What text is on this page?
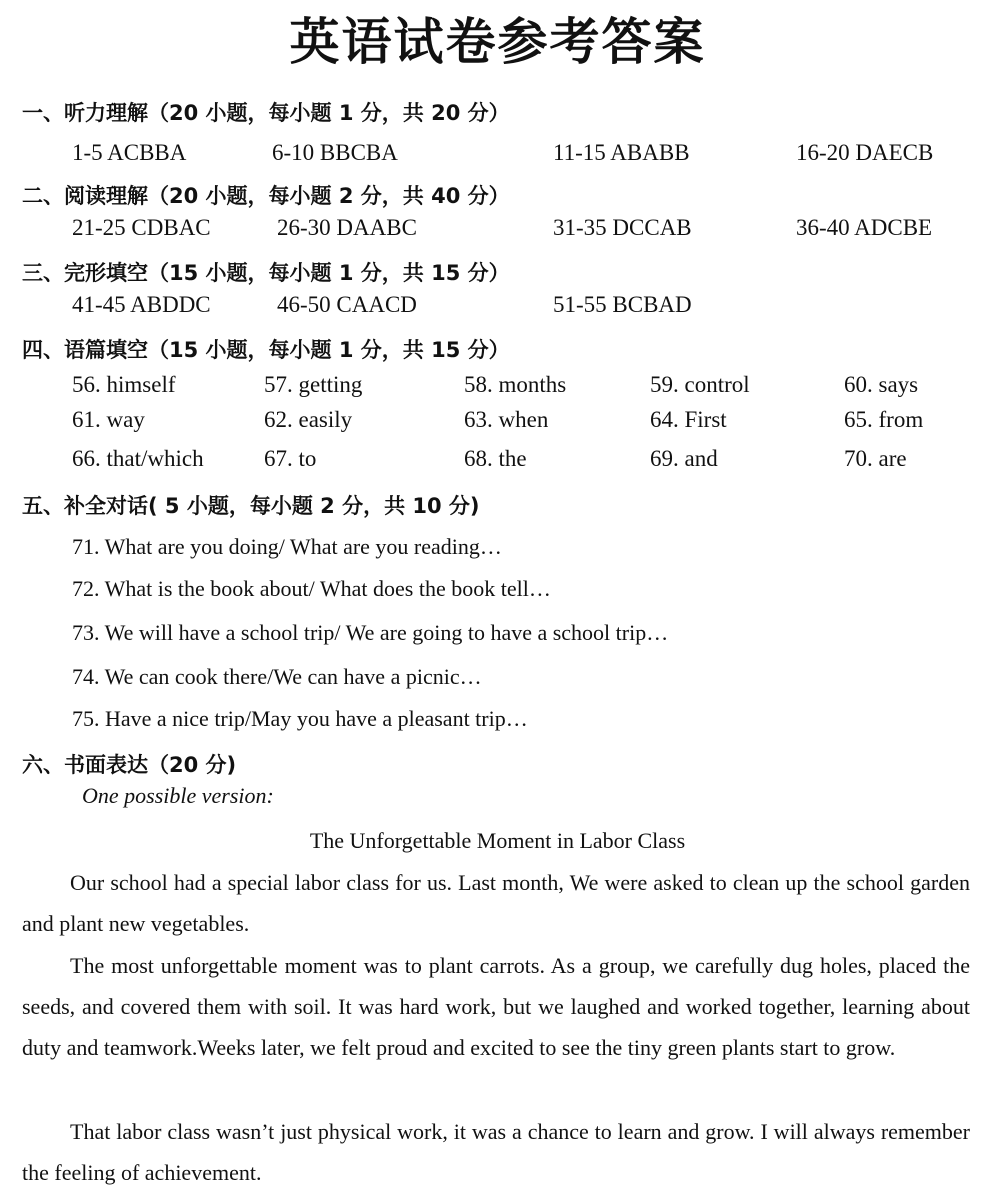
英语试卷参考答案
一、听力理解（20 小题，每小题 1 分，共 20 分）
1-5 ACBBA	6-10 BBCBA	11-15 ABABB	16-20 DAECB
二、阅读理解（20 小题，每小题 2 分，共 40 分）
21-25 CDBAC	26-30 DAABC	31-35 DCCAB	36-40 ADCBE
三、完形填空（15 小题，每小题 1 分，共 15 分）
41-45 ABDDC	46-50 CAACD	51-55 BCBAD
四、语篇填空（15 小题，每小题 1 分，共 15 分）
56. himself	57. getting	58. months	59. control	60. says
61. way	62. easily	63. when	64. First	65. from
66. that/which	67. to	68. the	69. and	70. are
五、补全对话( 5 小题，每小题 2 分，共 10 分)
71. What are you doing/ What are you reading…
72. What is the book about/ What does the book tell…
73. We will have a school trip/ We are going to have a school trip…
74. We can cook there/We can have a picnic…
75. Have a nice trip/May you have a pleasant trip…
六、书面表达（20 分)
One possible version:
The Unforgettable Moment in Labor Class

Our school had a special labor class for us. Last month, We were asked to clean up the school garden and plant new vegetables.

The most unforgettable moment was to plant carrots. As a group, we carefully dug holes, placed the seeds, and covered them with soil. It was hard work, but we laughed and worked together, learning about duty and teamwork.Weeks later, we felt proud and excited to see the tiny green plants start to grow.

That labor class wasn’t just physical work, it was a chance to learn and grow. I will always remember the feeling of achievement.
